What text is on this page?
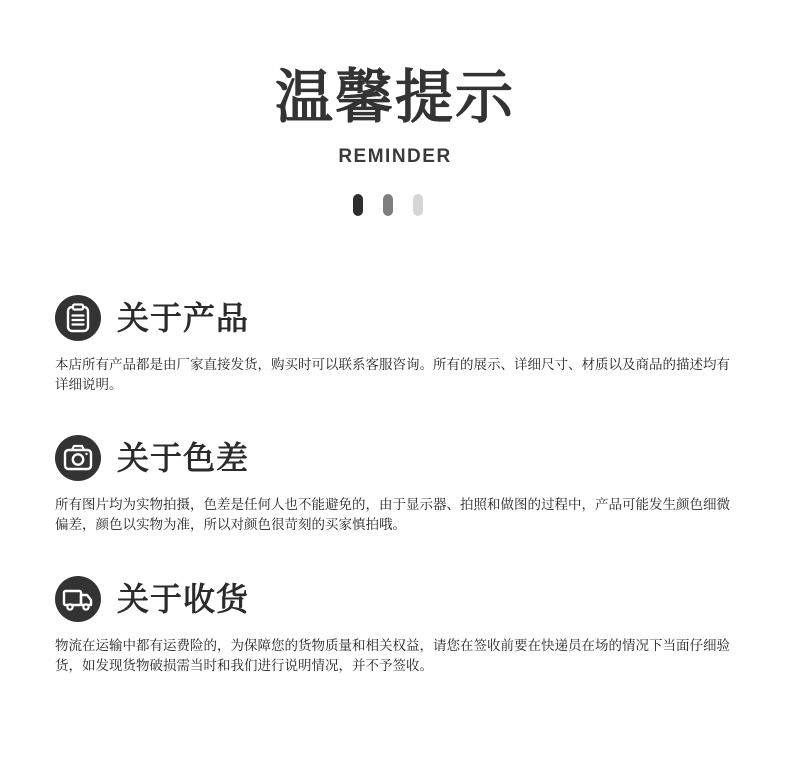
温馨提示
REMINDER
关于产品
本店所有产品都是由厂家直接发货，购买时可以联系客服咨询。所有的展示、详细尺寸、材质以及商品的描述均有详细说明。
关于色差
所有图片均为实物拍摄，色差是任何人也不能避免的，由于显示器、拍照和做图的过程中，产品可能发生颜色细微偏差，颜色以实物为准，所以对颜色很苛刻的买家慎拍哦。
关于收货
物流在运输中都有运费险的，为保障您的货物质量和相关权益，请您在签收前要在快递员在场的情况下当面仔细验货，如发现货物破损需当时和我们进行说明情况，并不予签收。
